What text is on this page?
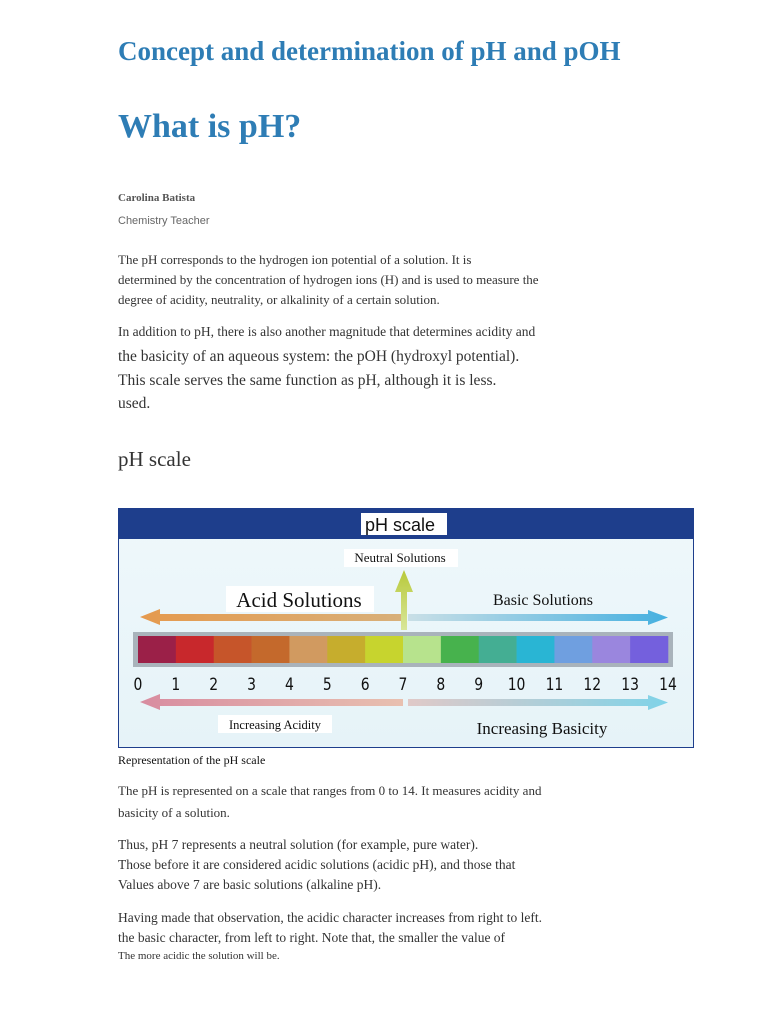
Concept and determination of pH and pOH
What is pH?
Carolina Batista
Chemistry Teacher
The pH corresponds to the hydrogen ion potential of a solution. It is
determined by the concentration of hydrogen ions (H) and is used to measure the
degree of acidity, neutrality, or alkalinity of a certain solution.
In addition to pH, there is also another magnitude that determines acidity and
the basicity of an aqueous system: the pOH (hydroxyl potential).
This scale serves the same function as pH, although it is less.
used.
pH scale
pH scale
Neutral Solutions
Acid Solutions	Basic Solutions
0 1 2 3 4 5 6 7 8 9 10 11 12 13 14
Increasing Acidity	Increasing Basicity
Representation of the pH scale
The pH is represented on a scale that ranges from 0 to 14. It measures acidity and
basicity of a solution.
Thus, pH 7 represents a neutral solution (for example, pure water).
Those before it are considered acidic solutions (acidic pH), and those that
Values above 7 are basic solutions (alkaline pH).
Having made that observation, the acidic character increases from right to left.
the basic character, from left to right. Note that, the smaller the value of
The more acidic the solution will be.
